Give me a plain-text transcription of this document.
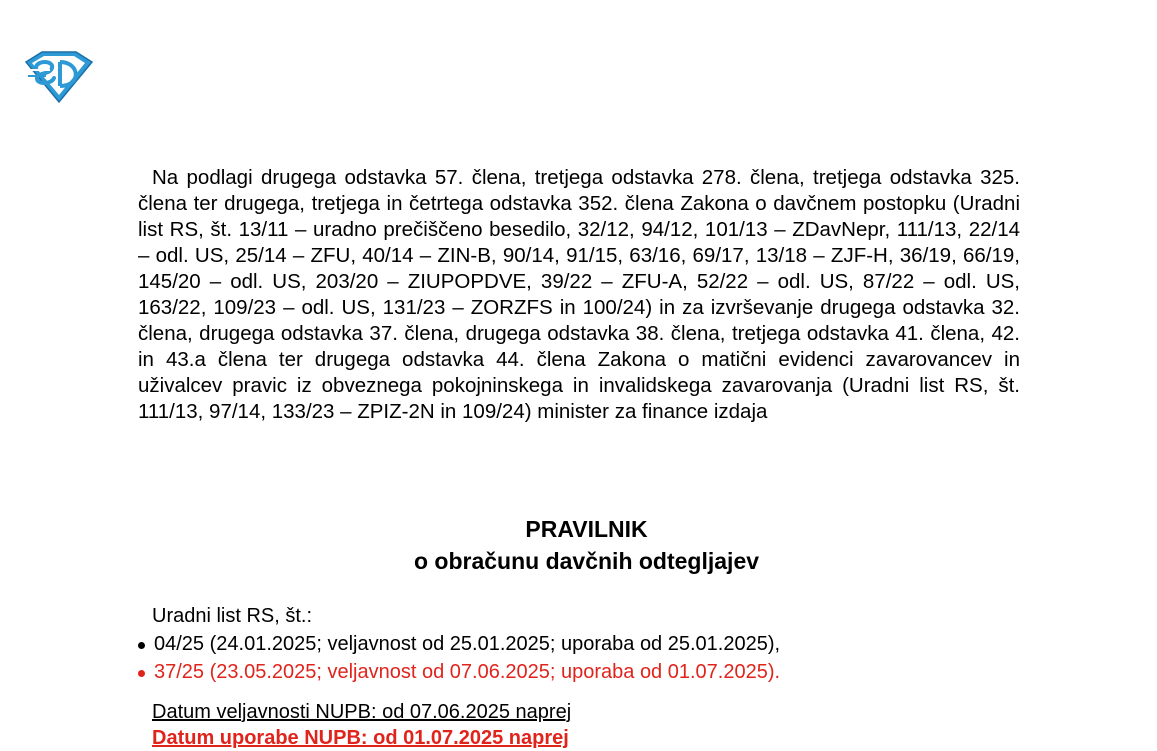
Na podlagi drugega odstavka 57. člena, tretjega odstavka 278. člena, tretjega odstavka 325. člena ter drugega, tretjega in četrtega odstavka 352. člena Zakona o davčnem postopku (Uradni list RS, št. 13/11 – uradno prečiščeno besedilo, 32/12, 94/12, 101/13 – ZDavNepr, 111/13, 22/14 – odl. US, 25/14 – ZFU, 40/14 – ZIN-B, 90/14, 91/15, 63/16, 69/17, 13/18 – ZJF-H, 36/19, 66/19, 145/20 – odl. US, 203/20 – ZIUPOPDVE, 39/22 – ZFU-A, 52/22 – odl. US, 87/22 – odl. US, 163/22, 109/23 – odl. US, 131/23 – ZORZFS in 100/24) in za izvrševanje drugega odstavka 32. člena, drugega odstavka 37. člena, drugega odstavka 38. člena, tretjega odstavka 41. člena, 42. in 43.a člena ter drugega odstavka 44. člena Zakona o matični evidenci zavarovancev in uživalcev pravic iz obveznega pokojninskega in invalidskega zavarovanja (Uradni list RS, št. 111/13, 97/14, 133/23 – ZPIZ-2N in 109/24) minister za finance izdaja

PRAVILNIK
o obračunu davčnih odtegljajev
Uradni list RS, št.:
04/25 (24.01.2025; veljavnost od 25.01.2025; uporaba od 25.01.2025),
37/25 (23.05.2025; veljavnost od 07.06.2025; uporaba od 01.07.2025).
Datum veljavnosti NUPB: od 07.06.2025 naprej
Datum uporabe NUPB: od 01.07.2025 naprej
